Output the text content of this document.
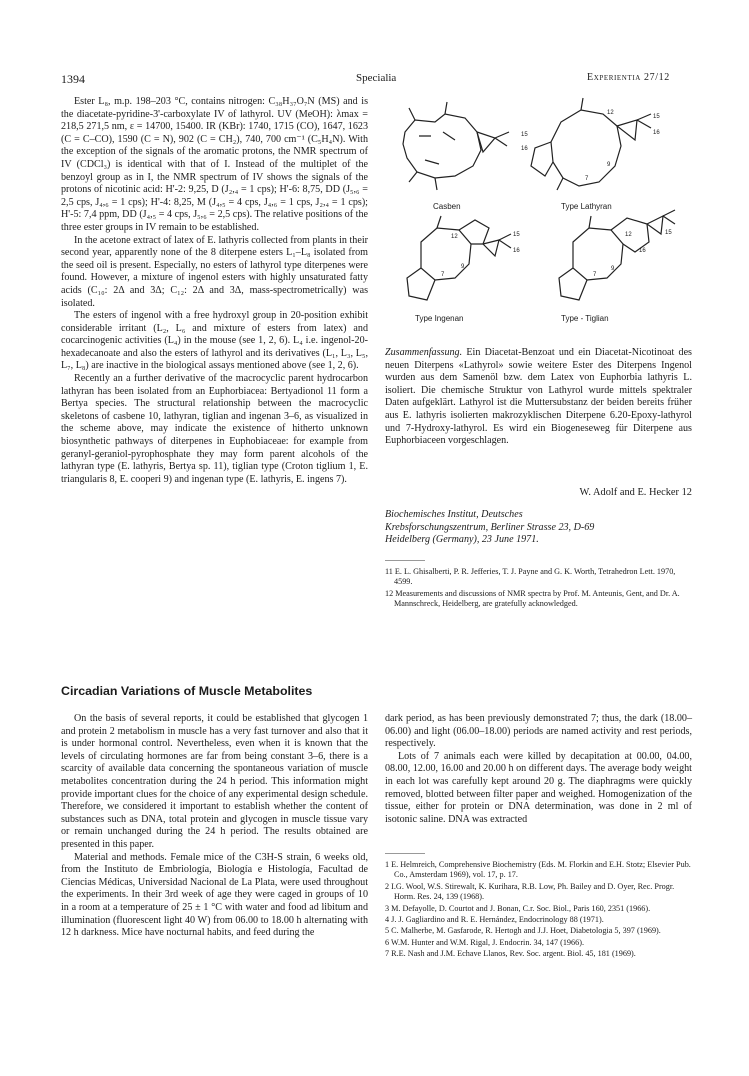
1394	Specialia	Experientia 27/12

Ester L₈, m.p. 198–203 °C, contains nitrogen: C₃₈H₃₇O₇N (MS) and is the diacetate-pyridine-3'-carboxylate IV of lathyrol. UV (MeOH): λmax = 218,5 271,5 nm, ε = 14700, 15400. IR (KBr): 1740, 1715 (CO), 1647, 1623 (C = C–CO), 1590 (C = N), 902 (C = CH₂), 740, 700 cm⁻¹ (C₅H₄N). With the exception of the signals of the aromatic protons, the NMR spectrum of IV (CDCl₃) is identical with that of I. Instead of the multiplet of the benzoyl group as in I, the NMR spectrum of IV shows the signals of the protons of nicotinic acid: H'-2: 9,25, D (J₂,₄ = 1 cps); H'-6: 8,75, DD (J₅,₆ = 2,5 cps, J₄,₆ = 1 cps); H'-4: 8,25, M (J₄,₅ = 4 cps, J₄,₆ = 1 cps, J₂,₄ = 1 cps); H'-5: 7,4 ppm, DD (J₄,₅ = 4 cps, J₅,₆ = 2,5 cps). The relative positions of the three ester groups in IV remain to be established.

In the acetone extract of latex of E. lathyris collected from plants in their second year, apparently none of the 8 diterpene esters L₁–L₈ isolated from the seed oil is present. Especially, no esters of lathyrol type diterpenes were found. However, a mixture of ingenol esters with highly unsaturated fatty acids (C₁₀: 2Δ and 3Δ; C₁₂: 2Δ and 3Δ, mass-spectrometrically) was isolated.

The esters of ingenol with a free hydroxyl group in 20-position exhibit considerable irritant (L₂, L₆ and mixture of esters from latex) and cocarcinogenic activities (L₄) in the mouse (see 1, 2, 6). L₄ i.e. ingenol-20-hexadecanoate and also the esters of lathyrol and its derivatives (L₁, L₃, L₅, L₇, L₈) are inactive in the biological assays mentioned above (see 1, 2, 6).

Recently an a further derivative of the macrocyclic parent hydrocarbon lathyran has been isolated from an Euphorbiacea: Bertyadionol 11 form a Bertya species. The structural relationship between the macrocyclic skeletons of casbene 10, lathyran, tiglian and ingenan 3–6, as visualized in the scheme above, may indicate the existence of hitherto unknown biosynthetic pathways of diterpenes in Euphobiaceae: for example from geranyl-geraniol-pyrophosphate they may form parent alcohols of the lathyran type (E. lathyris, Bertya sp. 11), tiglian type (Croton tiglium 1, E. triangularis 8, E. cooperi 9) and ingenan type (E. lathyris, E. ingens 7).

Casben	Type Lathyran
Type Ingenan	Type - Tiglian
15
16
12
15
16
9
7
12	15
16
9
7
12	15
16
9
7

Zusammenfassung. Ein Diacetat-Benzoat und ein Diacetat-Nicotinoat des neuen Diterpens «Lathyrol» sowie weitere Ester des Diterpens Ingenol wurden aus dem Samenöl bzw. dem Latex von Euphorbia lathyris L. isoliert. Die chemische Struktur von Lathyrol wurde mittels spektraler Daten aufgeklärt. Lathyrol ist die Muttersubstanz der beiden bereits früher aus E. lathyris isolierten makrozyklischen Diterpene 6.20-Epoxy-lathyrol und 7-Hydroxy-lathyrol. Es wird ein Biogeneseweg für Diterpene aus Euphorbiaceen vorgeschlagen.

W. Adolf and E. Hecker 12
Biochemisches Institut, Deutsches Krebsforschungszentrum, Berliner Strasse 23, D-69 Heidelberg (Germany), 23 June 1971.

11 E. L. Ghisalberti, P. R. Jefferies, T. J. Payne and G. K. Worth, Tetrahedron Lett. 1970, 4599.

12 Measurements and discussions of NMR spectra by Prof. M. Anteunis, Gent, and Dr. A. Mannschreck, Heidelberg, are gratefully acknowledged.

Circadian Variations of Muscle Metabolites

On the basis of several reports, it could be established that glycogen 1 and protein 2 metabolism in muscle has a very fast turnover and also that it is under hormonal control. Nevertheless, even when it is known that the levels of circulating hormones are far from being constant 3–6, there is a scarcity of available data concerning the spontaneous variation of muscle metabolites concentration during the 24 h period. This information might provide important clues for the choice of any experimental design schedule. Therefore, we considered it important to establish whether the content of substances such as DNA, total protein and glycogen in muscle tissue vary or remain unchanged during the 24 h period. The results obtained are presented in this paper.

Material and methods. Female mice of the C3H-S strain, 6 weeks old, from the Instituto de Embriología, Biología e Histología, Facultad de Ciencias Médicas, Universidad Nacional de La Plata, were used throughout the experiments. In their 3rd week of age they were caged in groups of 10 in a room at a temperature of 25 ± 1 °C with water and food ad libitum and illumination (fluorescent light 40 W) from 06.00 to 18.00 h alternating with 12 h darkness. Mice have nocturnal habits, and feed during the

dark period, as has been previously demonstrated 7; thus, the dark (18.00–06.00) and light (06.00–18.00) periods are named activity and rest periods, respectively.

Lots of 7 animals each were killed by decapitation at 00.00, 04.00, 08.00, 12.00, 16.00 and 20.00 h on different days. The average body weight in each lot was carefully kept around 20 g. The diaphragms were quickly removed, blotted between filter paper and weighed. Homogenization of the tissue, either for protein or DNA determination, was done in 2 ml of isotonic saline. DNA was extracted

1 E. Helmreich, Comprehensive Biochemistry (Eds. M. Florkin and E.H. Stotz; Elsevier Pub. Co., Amsterdam 1969), vol. 17, p. 17.

2 I.G. Wool, W.S. Stirewalt, K. Kurihara, R.B. Low, Ph. Bailey and D. Oyer, Rec. Progr. Horm. Res. 24, 139 (1968).

3 M. Defayolle, D. Courtot and J. Bonan, C.r. Soc. Biol., Paris 160, 2351 (1966).

4 J. J. Gagliardino and R. E. Hernández, Endocrinology 88 (1971).

5 C. Malherbe, M. Gasfarode, R. Hertogh and J.J. Hoet, Diabetologia 5, 397 (1969).

6 W.M. Hunter and W.M. Rigal, J. Endocrin. 34, 147 (1966).

7 R.E. Nash and J.M. Echave Llanos, Rev. Soc. argent. Biol. 45, 181 (1969).
